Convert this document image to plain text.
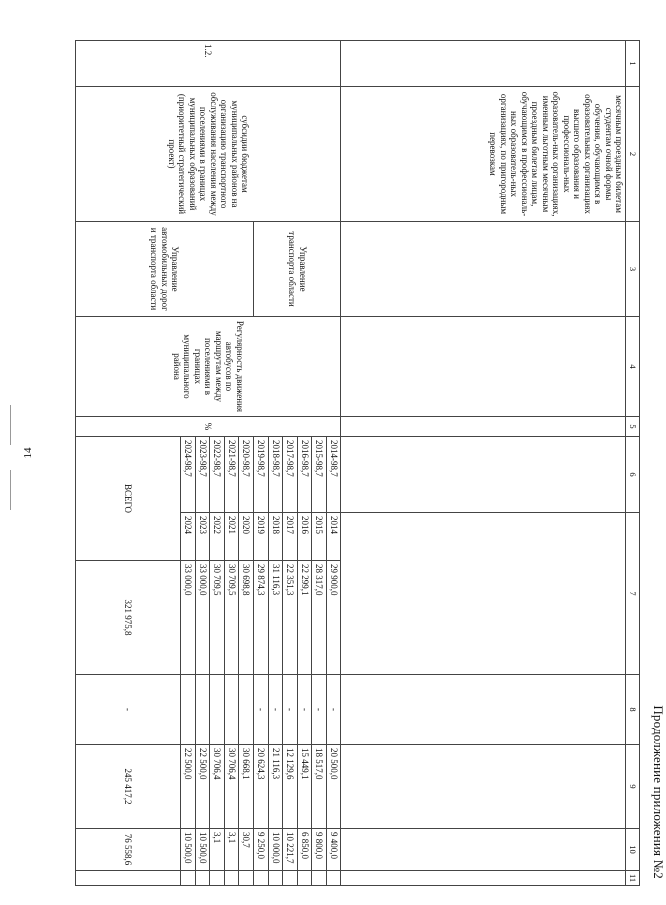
14
Продолжение приложения №2
1	2	3	4	5	6	7		8	9	10	11
	месячным проездным билетам студентам очной формы обучения, обучающимся в образовательных организациях высшего образования и профессиональ-ных образователь-ных организациях, именным льготным месячным проездным билетам лицам, обучающимся в профессиональ-ных образователь-ных организациях, по пригородным перевозкам										
1.2.	субсидии бюджетам муниципальных районов на организацию транспортного обслуживания населения между поселениями в границах муниципальных образований (приоритетный стратегический проект)	Управление транспорта области	Регулярность движения автобусов по маршрутам между поселениями в границах муниципального района	%	2014-98,7	2014	29 900,0	-	20 500,0	9 400,0	
					2015-98,7	2015	28 317,0	-	18 517,0	9 800,0	
					2016-98,7	2016	22 299,1	-	15 449,1	6 850,0	
					2017-98,7	2017	22 351,3	-	12 129,6	10 221,7	
					2018-98,7	2018	31 116,3	-	21 116,3	10 000,0	
					2019-98,7	2019	29 874,3	-	20 624,3	9 250,0	
		Управление автомобильных дорог и транспорта области			2020-98,7	2020	30 698,8		30 668,1	30,7	
					2021-98,7	2021	30 709,5		30 706,4	3,1	
					2022-98,7	2022	30 709,5		30 706,4	3,1	
					2023-98,7	2023	33 000,0		22 500,0	10 500,0	
					2024-98,7	2024	33 000,0		22 500,0	10 500,0	
					ВСЕГО		321 975,8	-	245 417,2	76 558,6	
